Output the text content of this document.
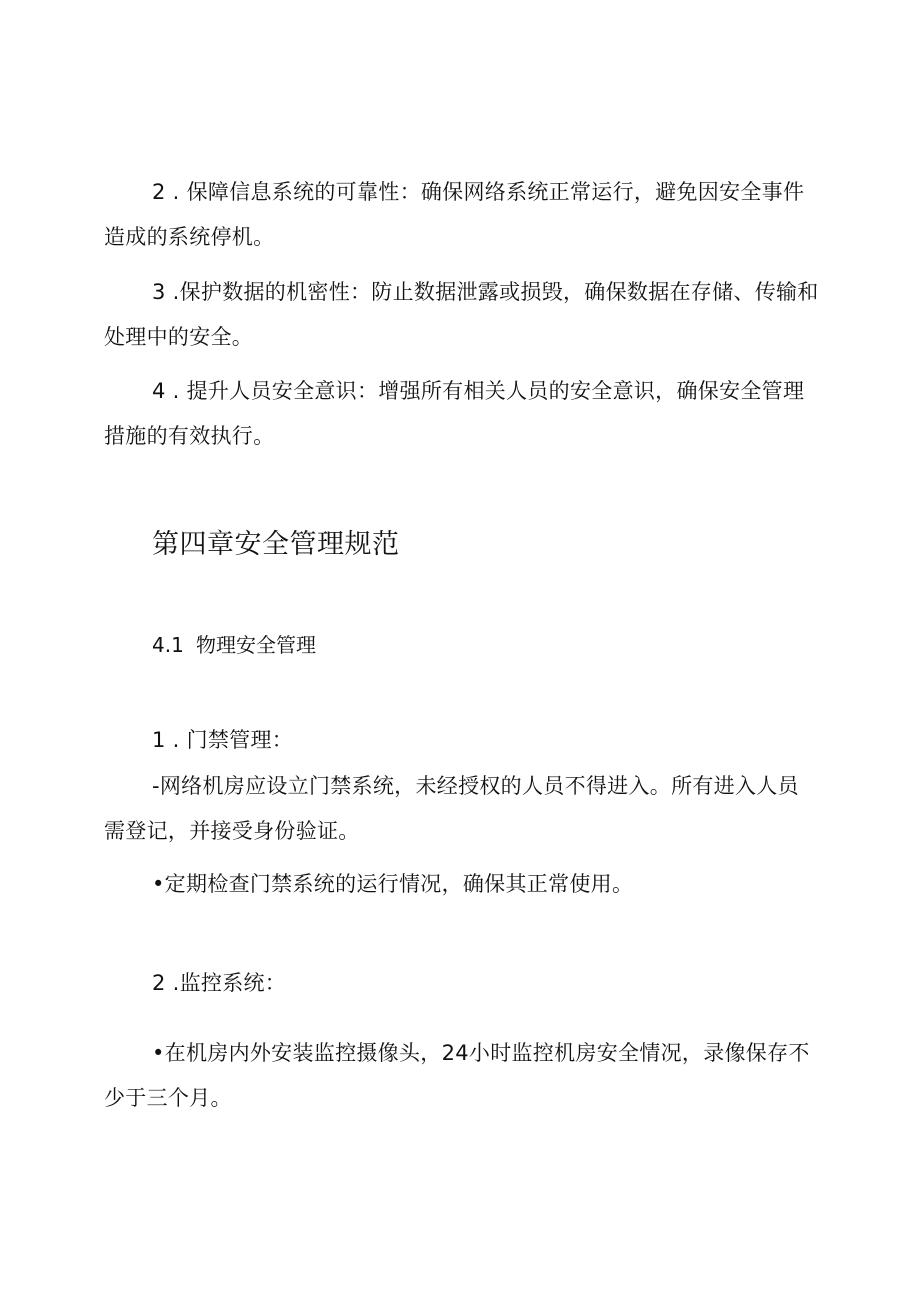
2 . 保障信息系统的可靠性：确保网络系统正常运行，避免因安全事件造成的系统停机。

3 .保护数据的机密性：防止数据泄露或损毁，确保数据在存储、传输和处理中的安全。

4 . 提升人员安全意识：增强所有相关人员的安全意识，确保安全管理措施的有效执行。

第四章安全管理规范
4.1 物理安全管理

1 . 门禁管理：

-网络机房应设立门禁系统，未经授权的人员不得进入。所有进入人员需登记，并接受身份验证。

•定期检查门禁系统的运行情况，确保其正常使用。

2 .监控系统：

•在机房内外安装监控摄像头，24小时监控机房安全情况，录像保存不少于三个月。
